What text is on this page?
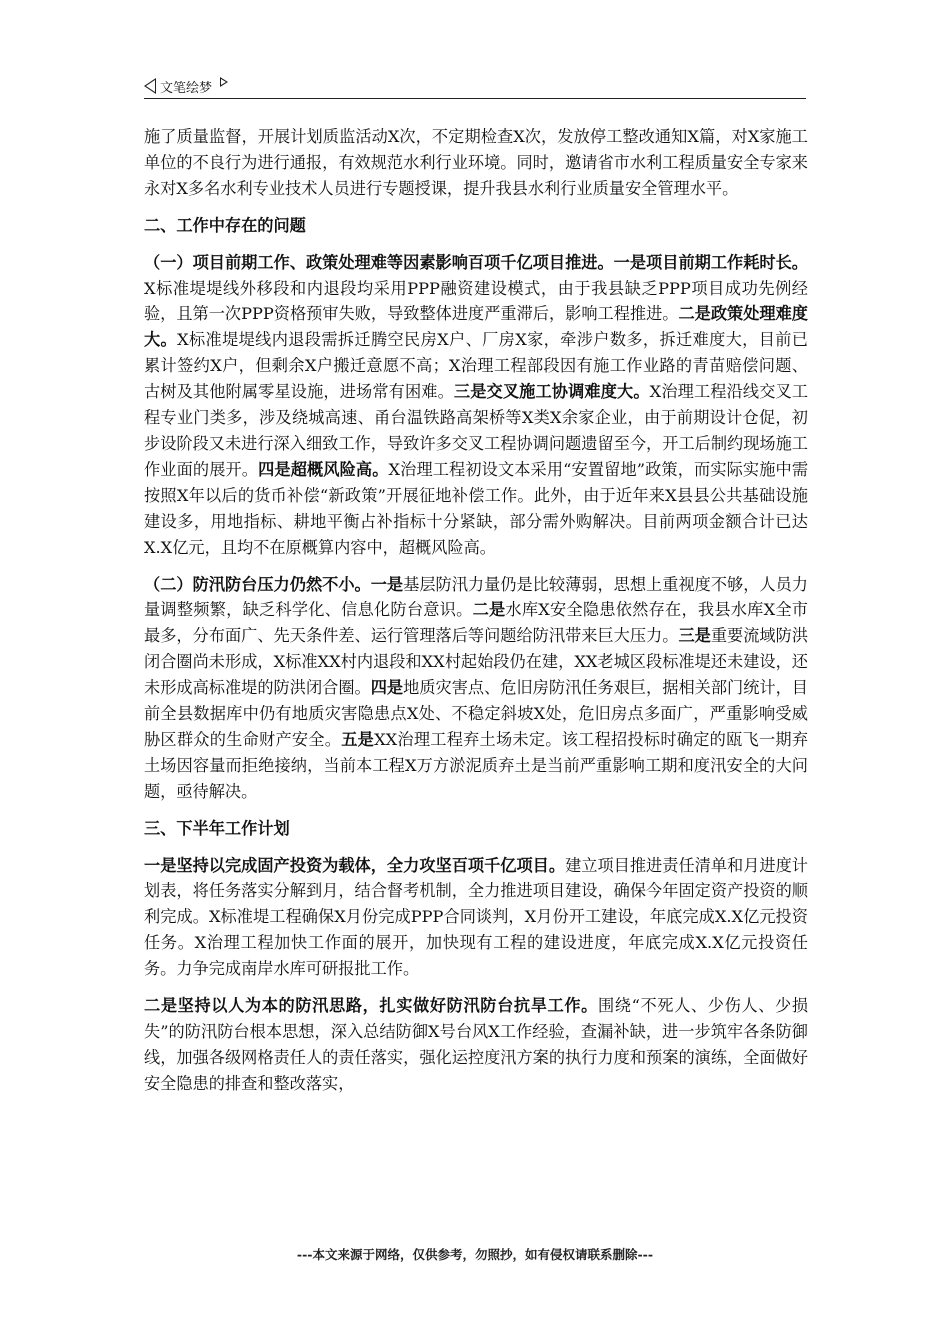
文笔绘梦

施了质量监督，开展计划质监活动X次，不定期检查X次，发放停工整改通知X篇，对X家施工单位的不良行为进行通报，有效规范水利行业环境。同时，邀请省市水利工程质量安全专家来永对X多名水利专业技术人员进行专题授课，提升我县水利行业质量安全管理水平。

二、工作中存在的问题

（一）项目前期工作、政策处理难等因素影响百项千亿项目推进。一是项目前期工作耗时长。X标准堤堤线外移段和内退段均采用PPP融资建设模式，由于我县缺乏PPP项目成功先例经验，且第一次PPP资格预审失败，导致整体进度严重滞后，影响工程推进。二是政策处理难度大。X标准堤堤线内退段需拆迁腾空民房X户、厂房X家，牵涉户数多，拆迁难度大，目前已累计签约X户，但剩余X户搬迁意愿不高；X治理工程部段因有施工作业路的青苗赔偿问题、古树及其他附属零星设施，进场常有困难。三是交叉施工协调难度大。X治理工程沿线交叉工程专业门类多，涉及绕城高速、甬台温铁路高架桥等X类X余家企业，由于前期设计仓促，初步设阶段又未进行深入细致工作，导致许多交叉工程协调问题遗留至今，开工后制约现场施工作业面的展开。四是超概风险高。X治理工程初设文本采用“安置留地”政策，而实际实施中需按照X年以后的货币补偿“新政策”开展征地补偿工作。此外，由于近年来X县县公共基础设施建设多，用地指标、耕地平衡占补指标十分紧缺，部分需外购解决。目前两项金额合计已达X.X亿元，且均不在原概算内容中，超概风险高。

（二）防汛防台压力仍然不小。一是基层防汛力量仍是比较薄弱，思想上重视度不够，人员力量调整频繁，缺乏科学化、信息化防台意识。二是水库X安全隐患依然存在，我县水库X全市最多，分布面广、先天条件差、运行管理落后等问题给防汛带来巨大压力。三是重要流域防洪闭合圈尚未形成，X标准XX村内退段和XX村起始段仍在建，XX老城区段标准堤还未建设，还未形成高标准堤的防洪闭合圈。四是地质灾害点、危旧房防汛任务艰巨，据相关部门统计，目前全县数据库中仍有地质灾害隐患点X处、不稳定斜坡X处，危旧房点多面广，严重影响受威胁区群众的生命财产安全。五是XX治理工程弃土场未定。该工程招投标时确定的瓯飞一期弃土场因容量而拒绝接纳，当前本工程X万方淤泥质弃土是当前严重影响工期和度汛安全的大问题，亟待解决。

三、下半年工作计划

一是坚持以完成固产投资为载体，全力攻坚百项千亿项目。建立项目推进责任清单和月进度计划表，将任务落实分解到月，结合督考机制，全力推进项目建设，确保今年固定资产投资的顺利完成。X标准堤工程确保X月份完成PPP合同谈判，X月份开工建设，年底完成X.X亿元投资任务。X治理工程加快工作面的展开，加快现有工程的建设进度，年底完成X.X亿元投资任务。力争完成南岸水库可研报批工作。

二是坚持以人为本的防汛思路，扎实做好防汛防台抗旱工作。围绕“不死人、少伤人、少损失”的防汛防台根本思想，深入总结防御X号台风X工作经验，查漏补缺，进一步筑牢各条防御线，加强各级网格责任人的责任落实，强化运控度汛方案的执行力度和预案的演练，全面做好安全隐患的排查和整改落实，

---本文来源于网络，仅供参考，勿照抄，如有侵权请联系删除---
